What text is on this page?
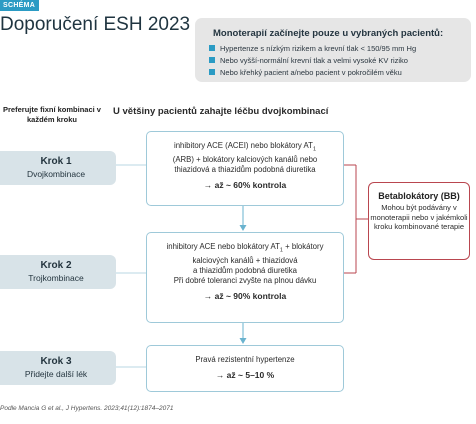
SCHÉMA
Doporučení ESH 2023 Monoterapií začínejte pouze u vybraných pacientů:
Hypertenze s nízkým rizikem a krevní tlak < 150/95 mm Hg
Nebo vyšší-normální krevní tlak a velmi vysoké KV riziko
Nebo křehký pacient a/nebo pacient v pokročilém věku
Preferujte fixní kombinaci v každém kroku
U většiny pacientů zahajte léčbu dvojkombinací
Krok 1
Dvojkombinace
Krok 2
Trojkombinace
Krok 3
Přidejte další lék
inhibitory ACE (ACEI) nebo blokátory $AT_1$
(ARB) + blokátory kalciových kanálů nebo
thiazidová a thiazidům podobná diuretika
→ až ~ 60% kontrola
inhibitory ACE nebo blokátory $AT_1$ + blokátory
kalciových kanálů + thiazidová
a thiazidům podobná diuretika
Při dobré toleranci zvyšte na plnou dávku
→ až ~ 90% kontrola
Pravá rezistentní hypertenze
→ až ~ 5–10 %
Betablokátory (BB)
Mohou být podávány v monoterapii nebo v jakémkoli kroku kombinované terapie
Podle Mancia G et al., J Hypertens. 2023;41(12):1874–2071
